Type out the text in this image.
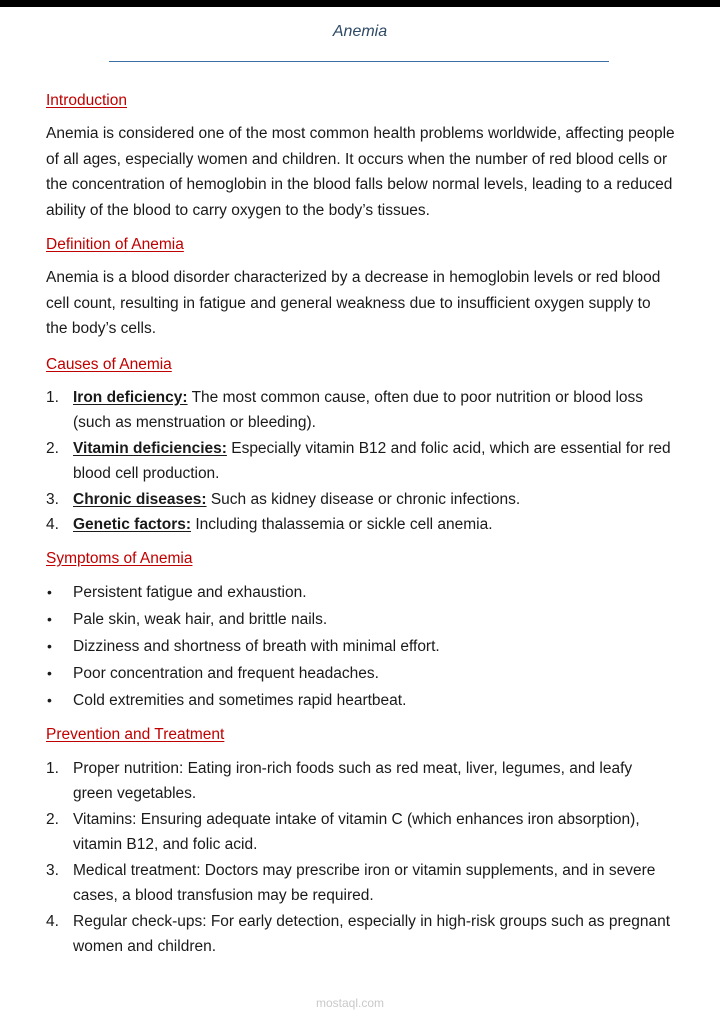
Anemia

Introduction

Anemia is considered one of the most common health problems worldwide, affecting people of all ages, especially women and children. It occurs when the number of red blood cells or the concentration of hemoglobin in the blood falls below normal levels, leading to a reduced ability of the blood to carry oxygen to the body’s tissues.

Definition of Anemia

Anemia is a blood disorder characterized by a decrease in hemoglobin levels or red blood cell count, resulting in fatigue and general weakness due to insufficient oxygen supply to the body’s cells.

Causes of Anemia

1. Iron deficiency: The most common cause, often due to poor nutrition or blood loss (such as menstruation or bleeding).
2. Vitamin deficiencies: Especially vitamin B12 and folic acid, which are essential for red blood cell production.
3. Chronic diseases: Such as kidney disease or chronic infections.
4. Genetic factors: Including thalassemia or sickle cell anemia.

Symptoms of Anemia

• Persistent fatigue and exhaustion.
• Pale skin, weak hair, and brittle nails.
• Dizziness and shortness of breath with minimal effort.
• Poor concentration and frequent headaches.
• Cold extremities and sometimes rapid heartbeat.

Prevention and Treatment

1. Proper nutrition: Eating iron-rich foods such as red meat, liver, legumes, and leafy green vegetables.
2. Vitamins: Ensuring adequate intake of vitamin C (which enhances iron absorption), vitamin B12, and folic acid.
3. Medical treatment: Doctors may prescribe iron or vitamin supplements, and in severe cases, a blood transfusion may be required.
4. Regular check-ups: For early detection, especially in high-risk groups such as pregnant women and children.
mostaql.com
